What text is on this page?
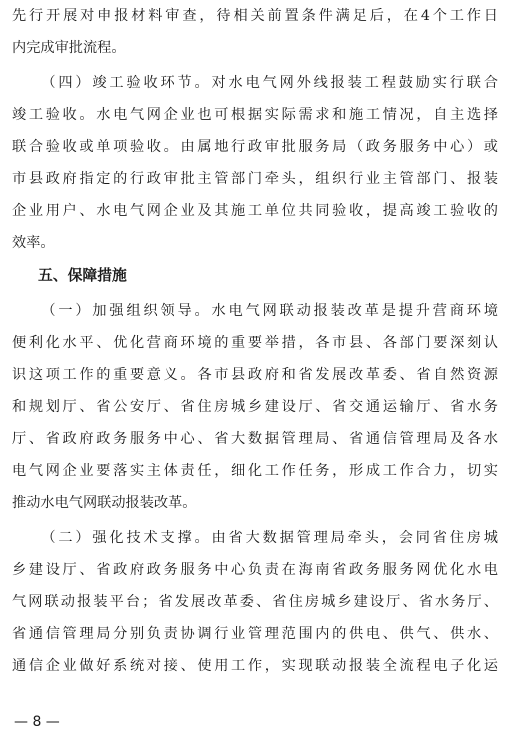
先行开展对申报材料审查，待相关前置条件满足后，在4个工作日
内完成审批流程。
（四）竣工验收环节。对水电气网外线报装工程鼓励实行联合
竣工验收。水电气网企业也可根据实际需求和施工情况，自主选择
联合验收或单项验收。由属地行政审批服务局（政务服务中心）或
市县政府指定的行政审批主管部门牵头，组织行业主管部门、报装
企业用户、水电气网企业及其施工单位共同验收，提高竣工验收的
效率。
五、保障措施
（一）加强组织领导。水电气网联动报装改革是提升营商环境
便利化水平、优化营商环境的重要举措，各市县、各部门要深刻认
识这项工作的重要意义。各市县政府和省发展改革委、省自然资源
和规划厅、省公安厅、省住房城乡建设厅、省交通运输厅、省水务
厅、省政府政务服务中心、省大数据管理局、省通信管理局及各水
电气网企业要落实主体责任，细化工作任务，形成工作合力，切实
推动水电气网联动报装改革。
（二）强化技术支撑。由省大数据管理局牵头，会同省住房城
乡建设厅、省政府政务服务中心负责在海南省政务服务网优化水电
气网联动报装平台；省发展改革委、省住房城乡建设厅、省水务厅、
省通信管理局分别负责协调行业管理范围内的供电、供气、供水、
通信企业做好系统对接、使用工作，实现联动报装全流程电子化运
— 8 —
